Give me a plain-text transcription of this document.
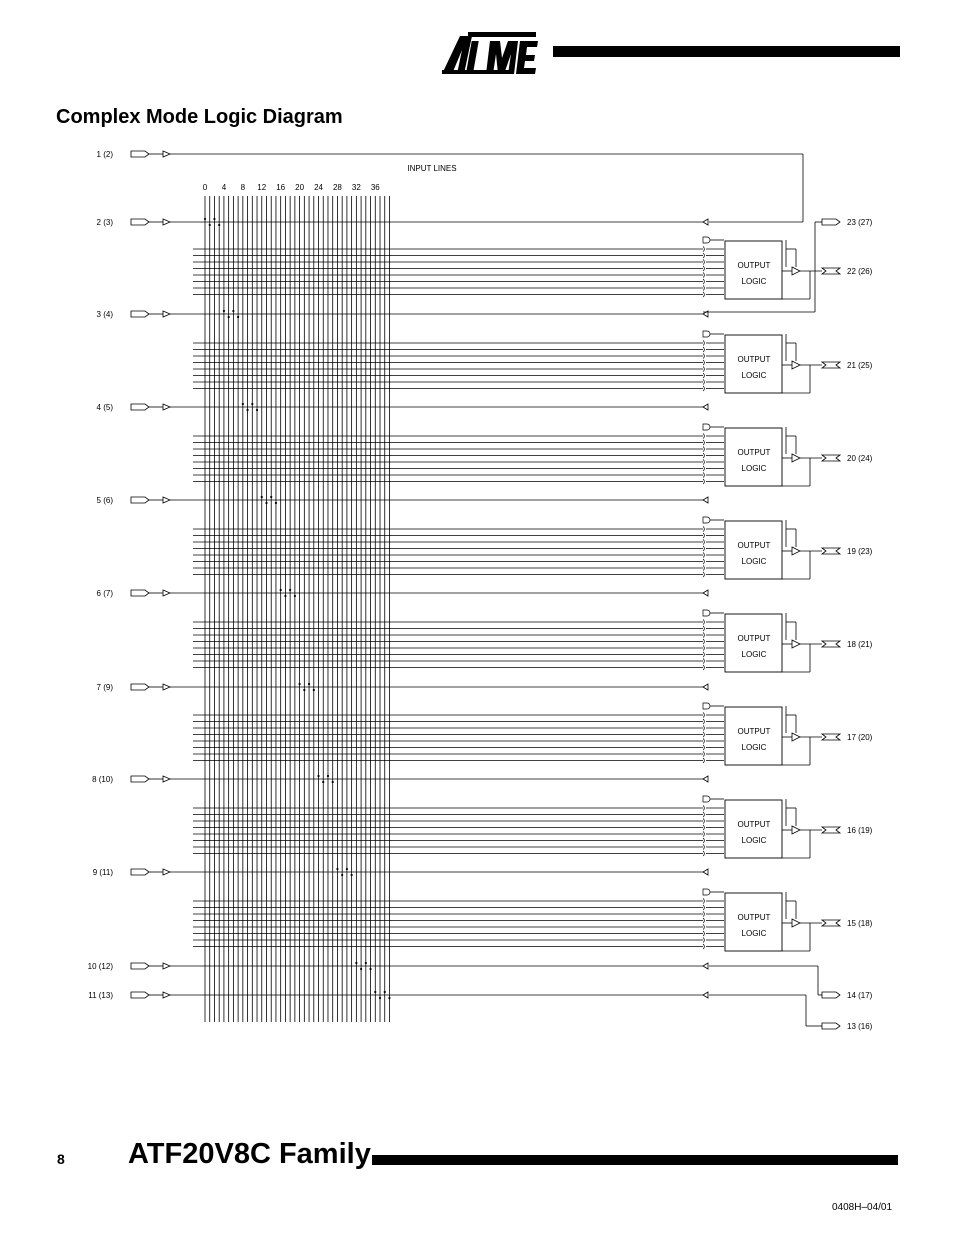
Complex Mode Logic Diagram
INPUT LINES
0 4 8 12 16 20 24 28 32 36
OUTPUT
LOGIC
OUTPUT
LOGIC
OUTPUT
LOGIC
OUTPUT
LOGIC
OUTPUT
LOGIC
OUTPUT
LOGIC
OUTPUT
LOGIC
OUTPUT
LOGIC
2 (3)
3 (4)
4 (5)
5 (6)
6 (7)
7 (9)
8 (10)
9 (11)
10 (12)
11 (13)
1 (2)
22 (26)
21 (25)
20 (24)
19 (23)
18 (21)
17 (20)
16 (19)
15 (18)
23 (27)
14 (17)
13 (16)
8 ATF20V8C Family
0408H–04/01
